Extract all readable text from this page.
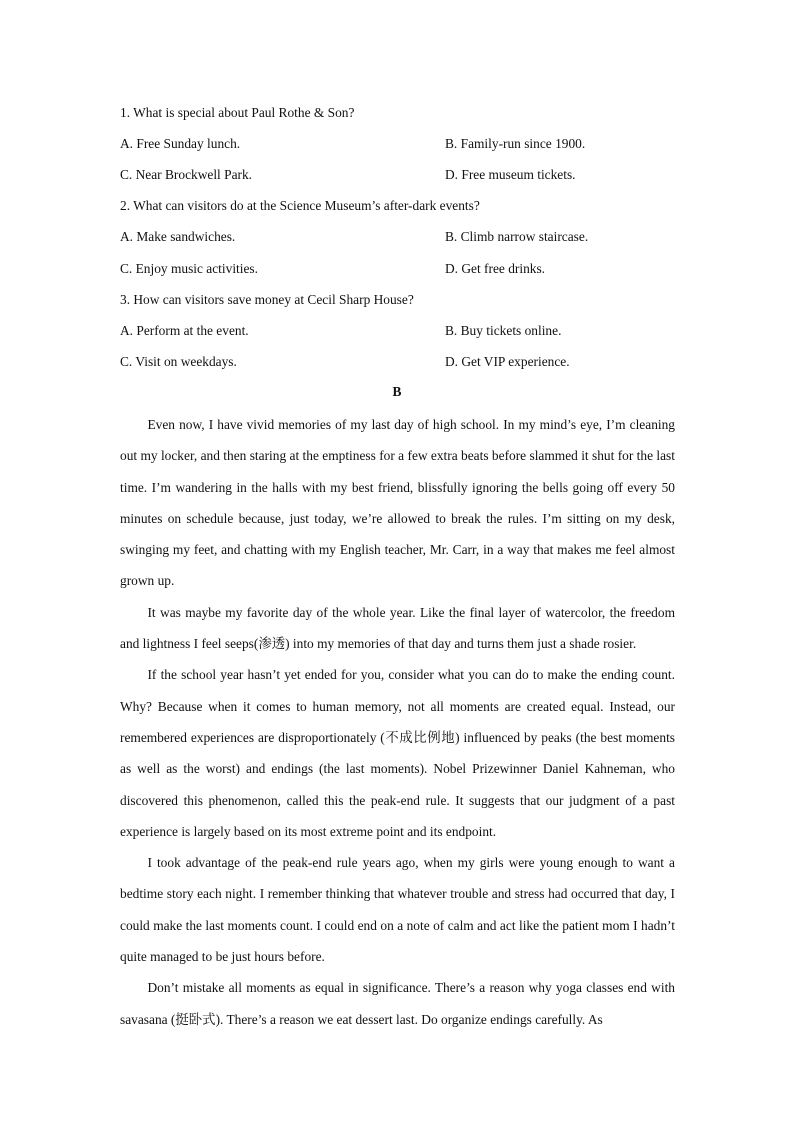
1. What is special about Paul Rothe & Son?
A. Free Sunday lunch.	B. Family-run since 1900.
C. Near Brockwell Park.	D. Free museum tickets.
2. What can visitors do at the Science Museum’s after-dark events?
A. Make sandwiches.	B. Climb narrow staircase.
C. Enjoy music activities.	D. Get free drinks.
3. How can visitors save money at Cecil Sharp House?
A. Perform at the event.	B. Buy tickets online.
C. Visit on weekdays.	D. Get VIP experience.
B

Even now, I have vivid memories of my last day of high school. In my mind’s eye, I’m cleaning out my locker, and then staring at the emptiness for a few extra beats before slammed it shut for the last time. I’m wandering in the halls with my best friend, blissfully ignoring the bells going off every 50 minutes on schedule because, just today, we’re allowed to break the rules. I’m sitting on my desk, swinging my feet, and chatting with my English teacher, Mr. Carr, in a way that makes me feel almost grown up.

It was maybe my favorite day of the whole year. Like the final layer of watercolor, the freedom and lightness I feel seeps(渗透) into my memories of that day and turns them just a shade rosier.

If the school year hasn’t yet ended for you, consider what you can do to make the ending count. Why? Because when it comes to human memory, not all moments are created equal. Instead, our remembered experiences are disproportionately (不成比例地) influenced by peaks (the best moments as well as the worst) and endings (the last moments). Nobel Prizewinner Daniel Kahneman, who discovered this phenomenon, called this the peak-end rule. It suggests that our judgment of a past experience is largely based on its most extreme point and its endpoint.

I took advantage of the peak-end rule years ago, when my girls were young enough to want a bedtime story each night. I remember thinking that whatever trouble and stress had occurred that day, I could make the last moments count. I could end on a note of calm and act like the patient mom I hadn’t quite managed to be just hours before.

Don’t mistake all moments as equal in significance. There’s a reason why yoga classes end with savasana (挺卧式). There’s a reason we eat dessert last. Do organize endings carefully. As
